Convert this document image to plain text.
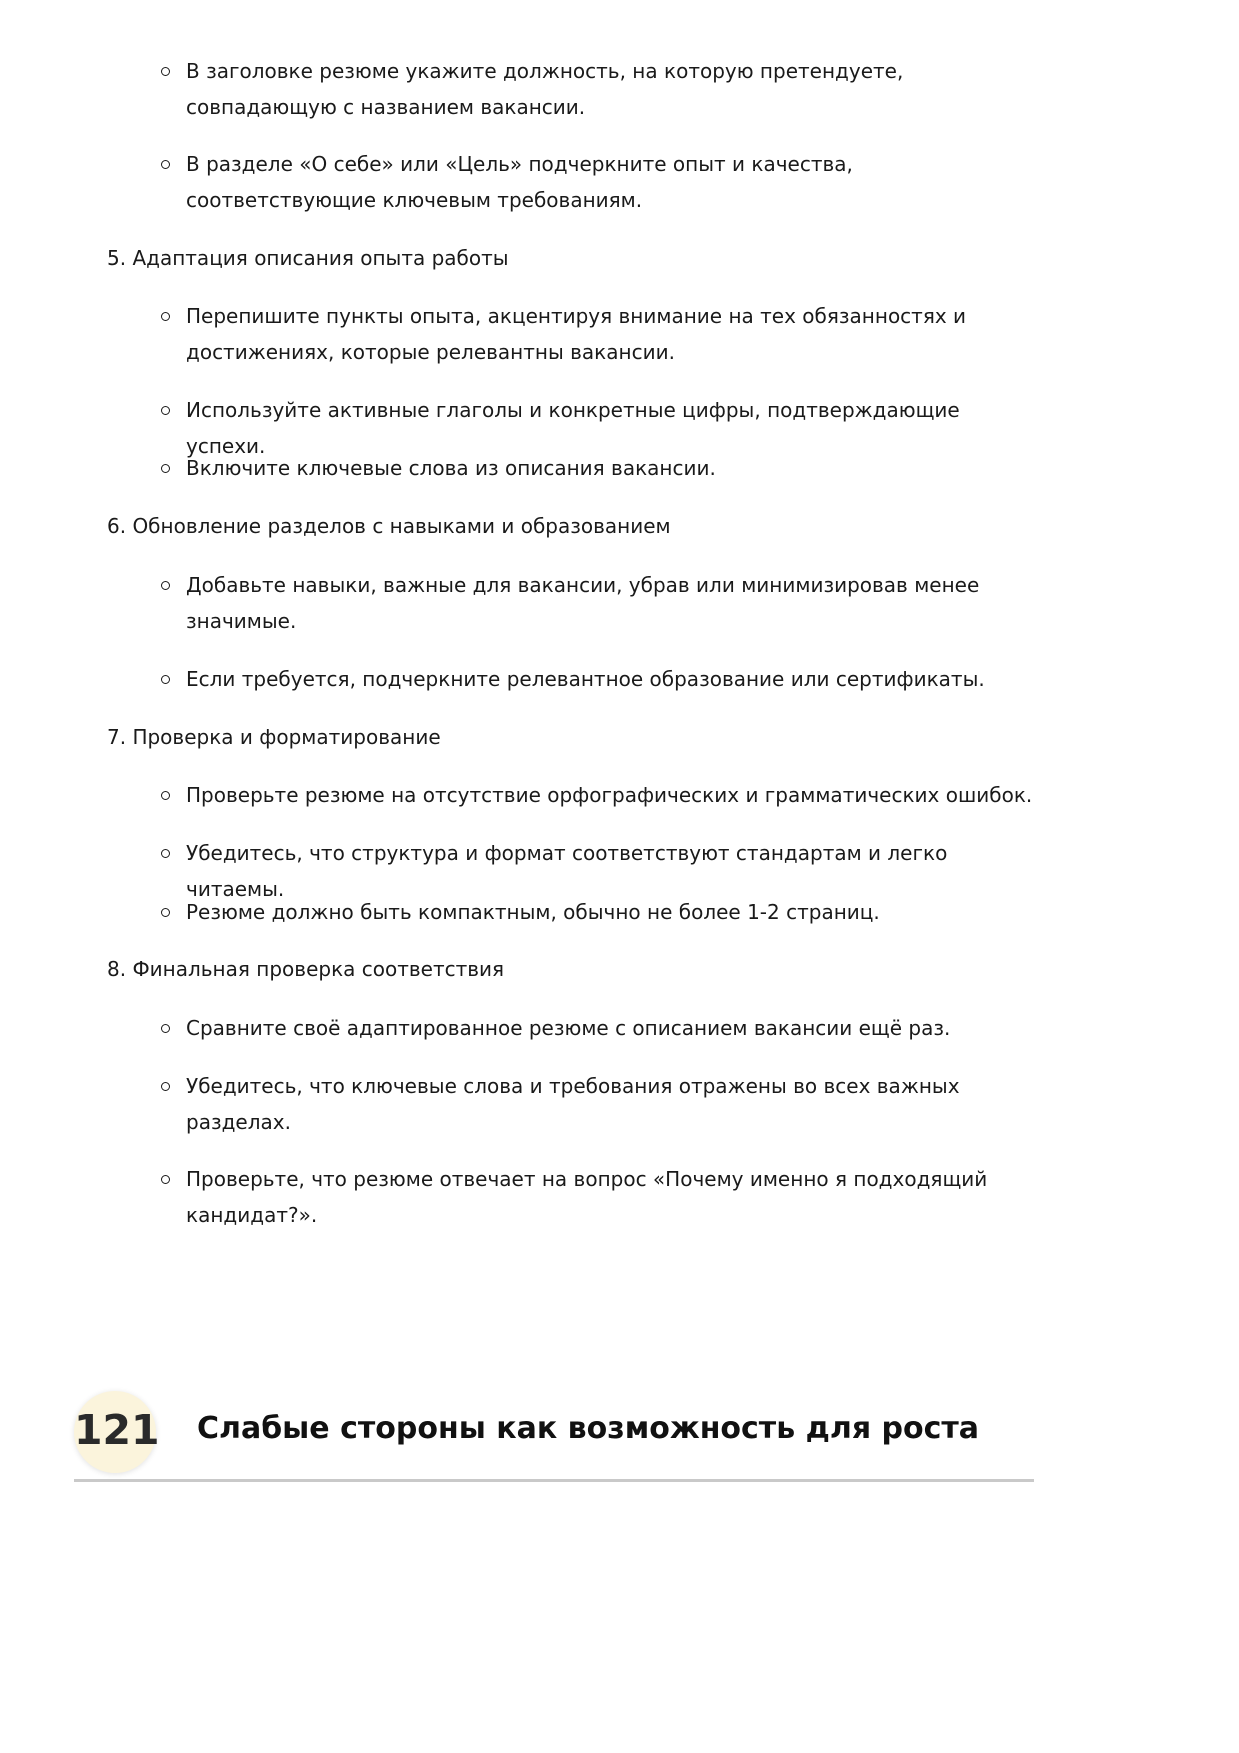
В заголовке резюме укажите должность, на которую претендуете, совпадающую с названием вакансии.
В разделе «О себе» или «Цель» подчеркните опыт и качества, соответствующие ключевым требованиям.
5. Адаптация описания опыта работы
Перепишите пункты опыта, акцентируя внимание на тех обязанностях и достижениях, которые релевантны вакансии.
Используйте активные глаголы и конкретные цифры, подтверждающие успехи.
Включите ключевые слова из описания вакансии.
6. Обновление разделов с навыками и образованием
Добавьте навыки, важные для вакансии, убрав или минимизировав менее значимые.
Если требуется, подчеркните релевантное образование или сертификаты.
7. Проверка и форматирование
Проверьте резюме на отсутствие орфографических и грамматических ошибок.
Убедитесь, что структура и формат соответствуют стандартам и легко читаемы.
Резюме должно быть компактным, обычно не более 1-2 страниц.
8. Финальная проверка соответствия
Сравните своё адаптированное резюме с описанием вакансии ещё раз.
Убедитесь, что ключевые слова и требования отражены во всех важных разделах.
Проверьте, что резюме отвечает на вопрос «Почему именно я подходящий кандидат?».
121 Слабые стороны как возможность для роста
